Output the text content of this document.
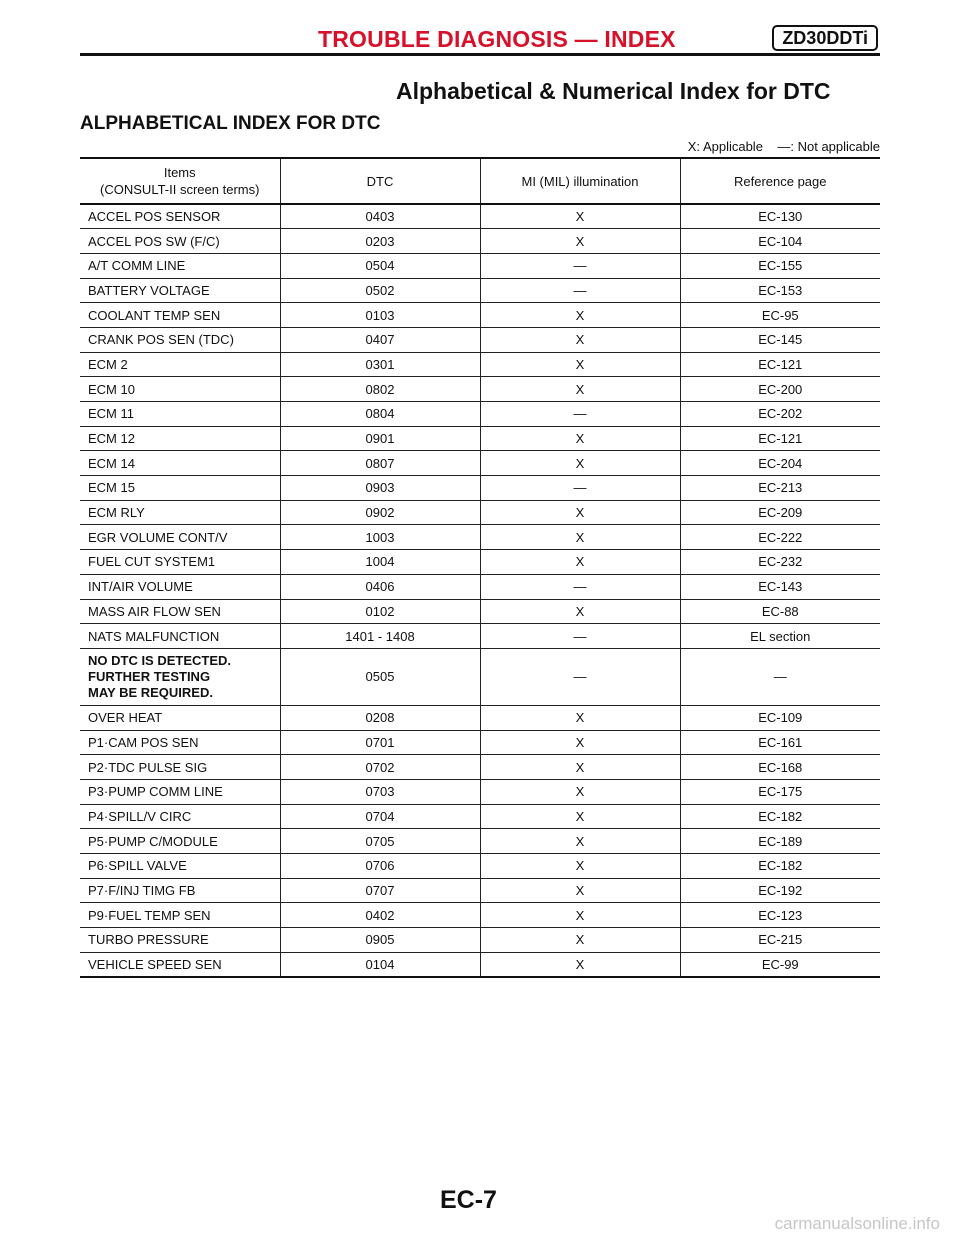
TROUBLE DIAGNOSIS — INDEX	ZD30DDTi
Alphabetical & Numerical Index for DTC
ALPHABETICAL INDEX FOR DTC
X: Applicable    —: Not applicable
Items
(CONSULT-II screen terms)	DTC	MI (MIL) illumination	Reference page
ACCEL POS SENSOR	0403	X	EC-130
ACCEL POS SW (F/C)	0203	X	EC-104
A/T COMM LINE	0504	—	EC-155
BATTERY VOLTAGE	0502	—	EC-153
COOLANT TEMP SEN	0103	X	EC-95
CRANK POS SEN (TDC)	0407	X	EC-145
ECM 2	0301	X	EC-121
ECM 10	0802	X	EC-200
ECM 11	0804	—	EC-202
ECM 12	0901	X	EC-121
ECM 14	0807	X	EC-204
ECM 15	0903	—	EC-213
ECM RLY	0902	X	EC-209
EGR VOLUME CONT/V	1003	X	EC-222
FUEL CUT SYSTEM1	1004	X	EC-232
INT/AIR VOLUME	0406	—	EC-143
MASS AIR FLOW SEN	0102	X	EC-88
NATS MALFUNCTION	1401 - 1408	—	EL section
NO DTC IS DETECTED.
FURTHER TESTING
MAY BE REQUIRED.	0505	—	—
OVER HEAT	0208	X	EC-109
P1·CAM POS SEN	0701	X	EC-161
P2·TDC PULSE SIG	0702	X	EC-168
P3·PUMP COMM LINE	0703	X	EC-175
P4·SPILL/V CIRC	0704	X	EC-182
P5·PUMP C/MODULE	0705	X	EC-189
P6·SPILL VALVE	0706	X	EC-182
P7·F/INJ TIMG FB	0707	X	EC-192
P9·FUEL TEMP SEN	0402	X	EC-123
TURBO PRESSURE	0905	X	EC-215
VEHICLE SPEED SEN	0104	X	EC-99
EC-7
carmanualsonline.info
